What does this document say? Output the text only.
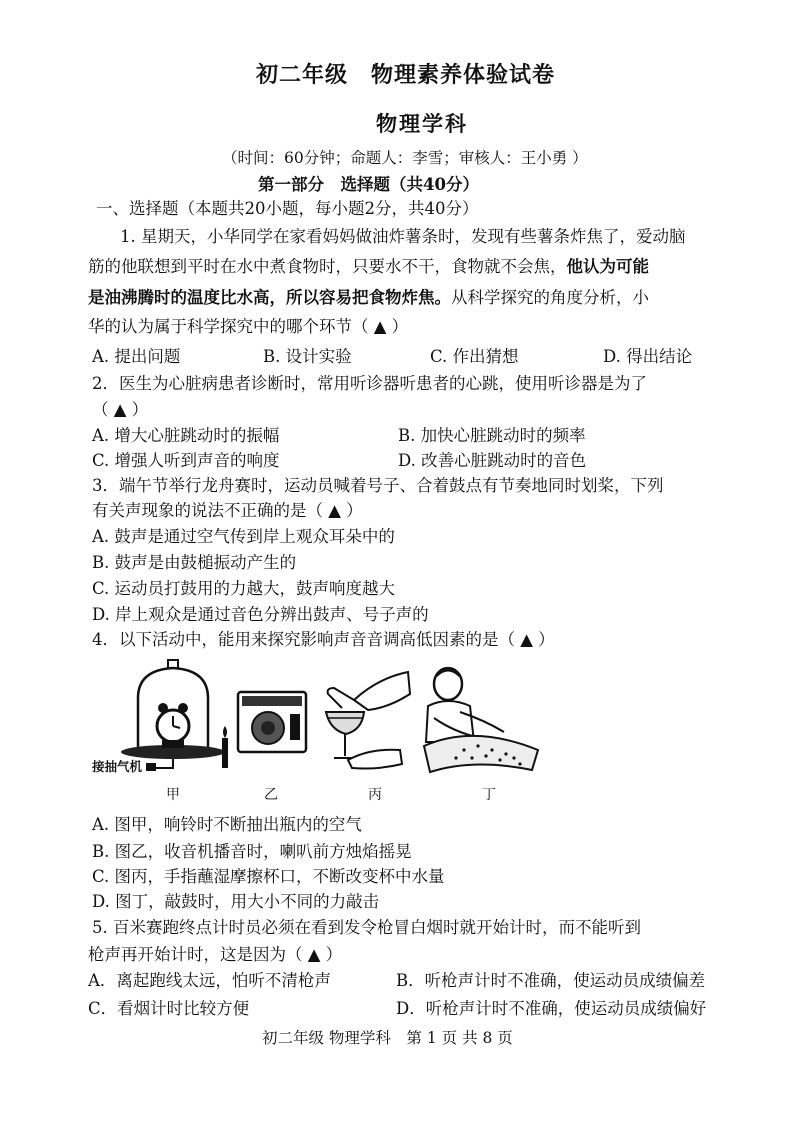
初二年级　物理素养体验试卷
物理学科
（时间：60分钟；命题人：李雪；审核人：王小勇 ）
第一部分　选择题（共40分）
一、选择题（本题共20小题，每小题2分，共40分）
1. 星期天，小华同学在家看妈妈做油炸薯条时，发现有些薯条炸焦了，爱动脑
筋的他联想到平时在水中煮食物时，只要水不干，食物就不会焦，他认为可能
是油沸腾时的温度比水高，所以容易把食物炸焦。从科学探究的角度分析，小
华的认为属于科学探究中的哪个环节（ ▲ ）
A. 提出问题	B. 设计实验	C. 作出猜想	D. 得出结论
2．医生为心脏病患者诊断时，常用听诊器听患者的心跳，使用听诊器是为了
（ ▲ ）
A. 增大心脏跳动时的振幅	B. 加快心脏跳动时的频率
C. 增强人听到声音的响度	D. 改善心脏跳动时的音色
3．端午节举行龙舟赛时，运动员喊着号子、合着鼓点有节奏地同时划桨，下列
有关声现象的说法不正确的是（ ▲ ）
A. 鼓声是通过空气传到岸上观众耳朵中的
B. 鼓声是由鼓槌振动产生的
C. 运动员打鼓用的力越大，鼓声响度越大
D. 岸上观众是通过音色分辨出鼓声、号子声的
4．以下活动中，能用来探究影响声音音调高低因素的是（ ▲ ）
接抽气机
甲	乙	丙	丁
A. 图甲，响铃时不断抽出瓶内的空气
B. 图乙，收音机播音时，喇叭前方烛焰摇晃
C. 图丙，手指蘸湿摩擦杯口，不断改变杯中水量
D. 图丁，敲鼓时，用大小不同的力敲击
5. 百米赛跑终点计时员必须在看到发令枪冒白烟时就开始计时，而不能听到
枪声再开始计时，这是因为（ ▲ ）
A．离起跑线太远，怕听不清枪声	B．听枪声计时不准确，使运动员成绩偏差
C．看烟计时比较方便	D．听枪声计时不准确，使运动员成绩偏好
初二年级 物理学科　第 1 页 共 8 页
